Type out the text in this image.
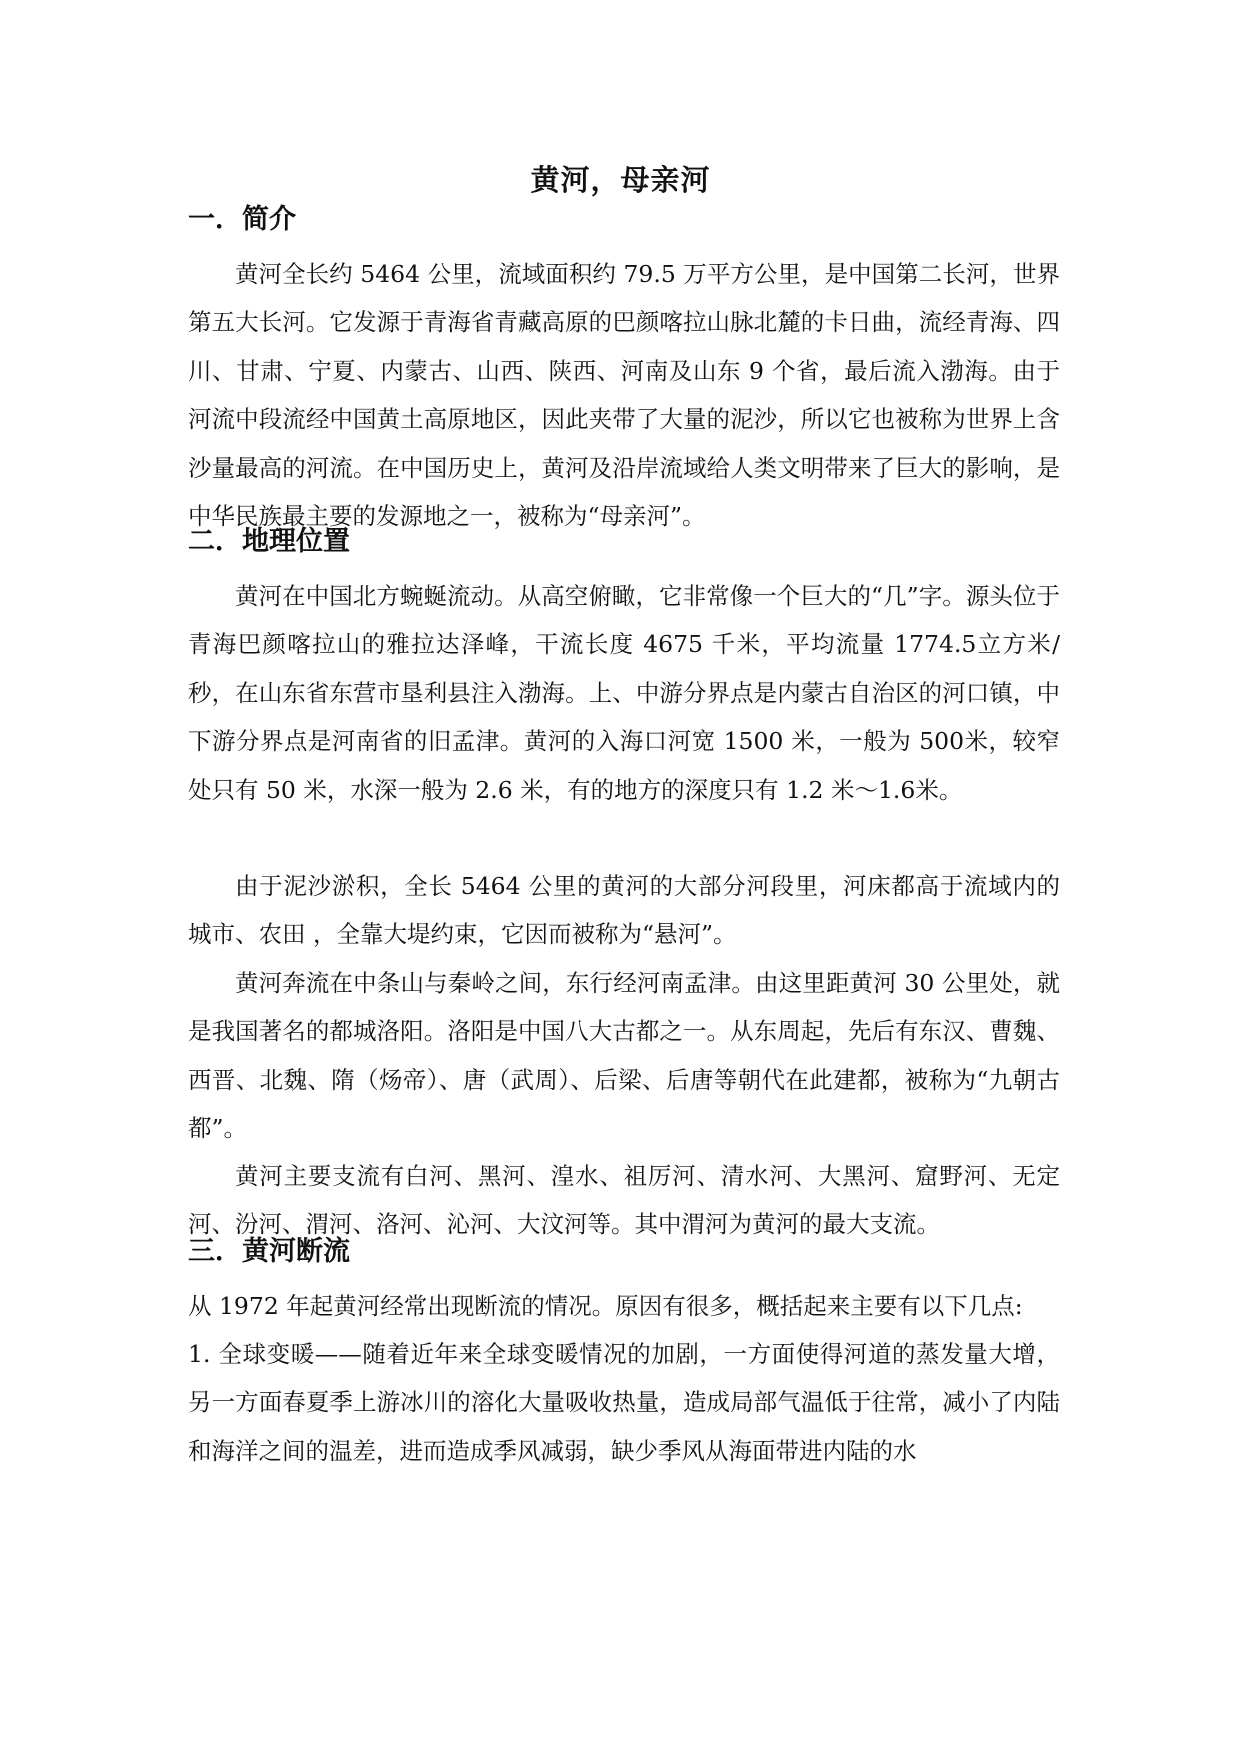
黄河，母亲河
一．简介

黄河全长约 5464 公里，流域面积约 79.5 万平方公里，是中国第二长河，世界第五大长河。它发源于青海省青藏高原的巴颜喀拉山脉北麓的卡日曲，流经青海、四川、甘肃、宁夏、内蒙古、山西、陕西、河南及山东 9 个省，最后流入渤海。由于河流中段流经中国黄土高原地区，因此夹带了大量的泥沙，所以它也被称为世界上含沙量最高的河流。在中国历史上，黄河及沿岸流域给人类文明带来了巨大的影响，是中华民族最主要的发源地之一，被称为“母亲河”。

二．地理位置

黄河在中国北方蜿蜒流动。从高空俯瞰，它非常像一个巨大的“几”字。源头位于青海巴颜喀拉山的雅拉达泽峰，干流长度 4675 千米，平均流量 1774.5立方米/秒，在山东省东营市垦利县注入渤海。上、中游分界点是内蒙古自治区的河口镇，中下游分界点是河南省的旧孟津。黄河的入海口河宽 1500 米，一般为 500米，较窄处只有 50 米，水深一般为 2.6 米，有的地方的深度只有 1.2 米～1.6米。

由于泥沙淤积，全长 5464 公里的黄河的大部分河段里，河床都高于流域内的城市、农田 ，全靠大堤约束，它因而被称为“悬河”。

黄河奔流在中条山与秦岭之间，东行经河南孟津。由这里距黄河 30 公里处，就是我国著名的都城洛阳。洛阳是中国八大古都之一。从东周起，先后有东汉、曹魏、西晋、北魏、隋（炀帝）、唐（武周）、后梁、后唐等朝代在此建都，被称为“九朝古都”。

黄河主要支流有白河、黑河、湟水、祖厉河、清水河、大黑河、窟野河、无定河、汾河、渭河、洛河、沁河、大汶河等。其中渭河为黄河的最大支流。

三．黄河断流

从 1972 年起黄河经常出现断流的情况。原因有很多，概括起来主要有以下几点:

1. 全球变暖——随着近年来全球变暖情况的加剧，一方面使得河道的蒸发量大增，另一方面春夏季上游冰川的溶化大量吸收热量，造成局部气温低于往常，减小了内陆和海洋之间的温差，进而造成季风减弱，缺少季风从海面带进内陆的水
